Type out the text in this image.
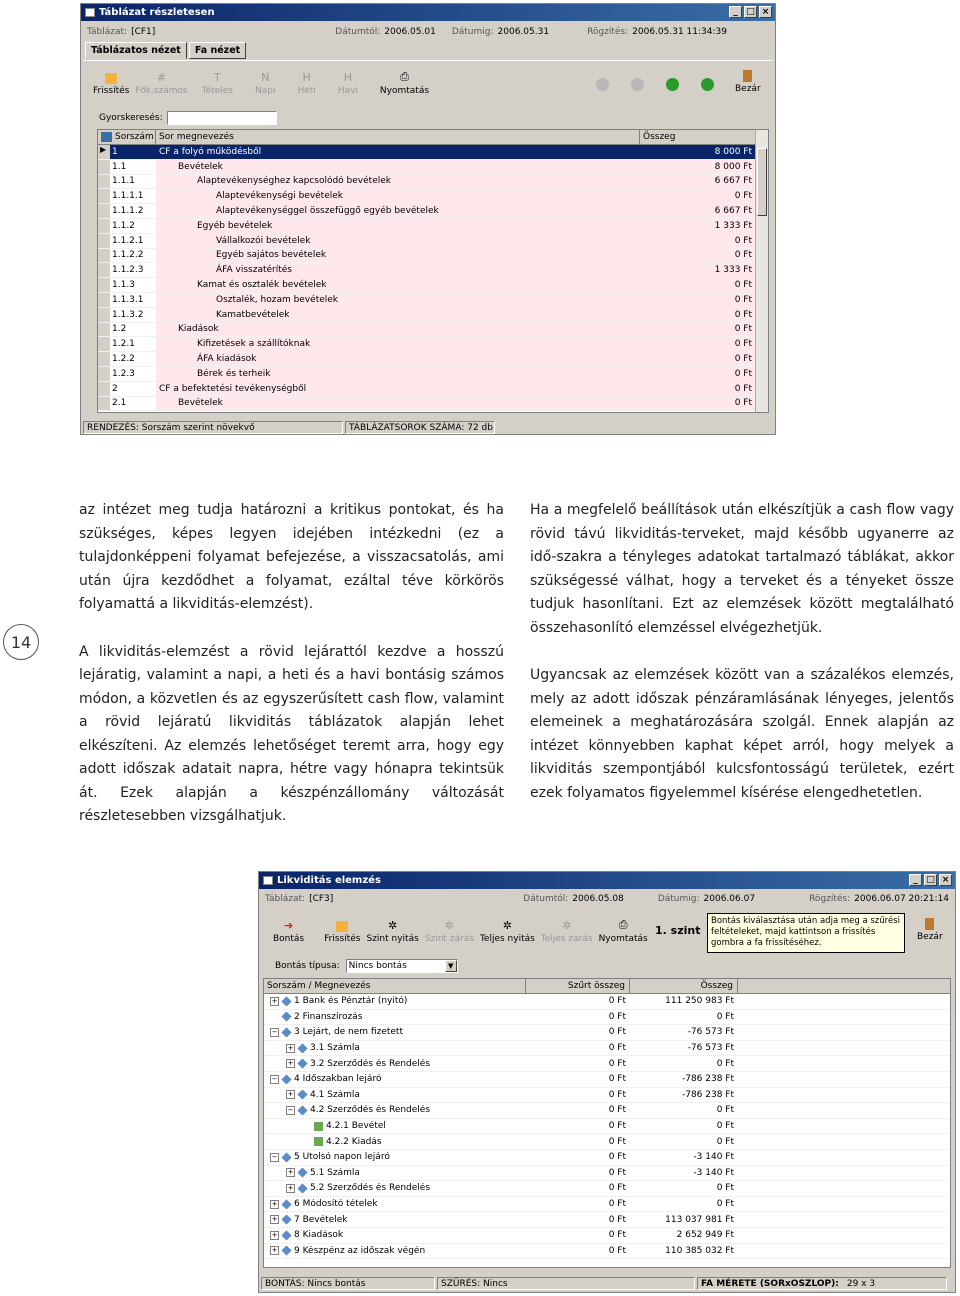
Táblázat részletesen	_ □ ×
Táblázat: [CF1]	Dátumtól: 2006.05.01 Dátumig: 2006.05.31	Rögzítés: 2006.05.31 11:34:39
Táblázatos nézet	Fa nézet
Frissítés
#
Fők.számos
T
Tételes
N
Napi
H
Heti
H
Havi
⎙
Nyomtatás	Bezár
Gyorskeresés:
Sorszám Sor megnevezés	Összeg
▶ 1	CF a folyó működésből	8 000 Ft
1.1	Bevételek	8 000 Ft
1.1.1	Alaptevékenységhez kapcsolódó bevételek	6 667 Ft
1.1.1.1	Alaptevékenységi bevételek	0 Ft
1.1.1.2	Alaptevékenységgel összefüggő egyéb bevételek	6 667 Ft
1.1.2	Egyéb bevételek	1 333 Ft
1.1.2.1	Vállalkozói bevételek	0 Ft
1.1.2.2	Egyéb sajátos bevételek	0 Ft
1.1.2.3	ÁFA visszatérítés	1 333 Ft
1.1.3	Kamat és osztalék bevételek	0 Ft
1.1.3.1	Osztalék, hozam bevételek	0 Ft
1.1.3.2	Kamatbevételek	0 Ft
1.2	Kiadások	0 Ft
1.2.1	Kifizetések a szállítóknak	0 Ft
1.2.2	ÁFA kiadások	0 Ft
1.2.3	Bérek és terheik	0 Ft
2	CF a befektetési tevékenységből	0 Ft
2.1	Bevételek	0 Ft
RENDEZÉS: Sorszám szerint növekvő	TÁBLÁZATSOROK SZÁMA: 72 db
14

az intézet meg tudja határozni a kritikus pontokat, és ha szükséges, képes legyen idejében intézkedni (ez a tulajdonképpeni folyamat befejezése, a visszacsatolás, ami után újra kezdődhet a folyamat, ezáltal téve körkörös folyamattá a likviditás-elemzést).

A likviditás-elemzést a rövid lejárattól kezdve a hosszú lejáratig, valamint a napi, a heti és a havi bontásig számos módon, a közvetlen és az egyszerűsített cash flow, valamint a rövid lejáratú likviditás táblázatok alapján lehet elkészíteni. Az elemzés lehetőséget teremt arra, hogy egy adott időszak adatait napra, hétre vagy hónapra tekintsük át. Ezek alapján a készpénzállomány változását részletesebben vizsgálhatjuk.

Ha a megfelelő beállítások után elkészítjük a cash flow vagy rövid távú likviditás-terveket, majd később ugyanerre az idő-szakra a tényleges adatokat tartalmazó táblákat, akkor szükségessé válhat, hogy a terveket és a tényeket össze tudjuk hasonlítani. Ezt az elemzések között megtalálható összehasonlító elemzéssel elvégezhetjük.

Ugyancsak az elemzések között van a százalékos elemzés, mely az adott időszak pénzáramlásának lényeges, jelentős elemeinek a meghatározására szolgál. Ennek alapján az intézet könnyebben kaphat képet arról, hogy melyek a likviditás szempontjából kulcsfontosságú területek, ezért ezek folyamatos figyelemmel kísérése elengedhetetlen.

Likviditás elemzés	_ □ ×
Táblázat: [CF3]	Dátumtól: 2006.05.08	Dátumig: 2006.06.07	Rögzítés: 2006.06.07 20:21:14
➔
Bontás Frissítés
✲
Szint nyitás
✲
Szint zárás
✲
Teljes nyitás
✲
Teljes zárás
⎙
Nyomtatás
1. szint
Bontás kiválasztása után adja meg a szűrési feltételeket, majd kattintson a frissítés gombra a fa frissítéséhez.
Bezár
Bontás típusa: Nincs bontás	▼
Sorszám / Megnevezés	Szűrt összeg	Összeg
+ 1 Bank és Pénztár (nyitó)	0 Ft	111 250 983 Ft
2 Finanszírozás	0 Ft	0 Ft
− 3 Lejárt, de nem fizetett	0 Ft	-76 573 Ft
+ 3.1 Számla	0 Ft	-76 573 Ft
+ 3.2 Szerződés és Rendelés	0 Ft	0 Ft
− 4 Időszakban lejáró	0 Ft	-786 238 Ft
+ 4.1 Számla	0 Ft	-786 238 Ft
− 4.2 Szerződés és Rendelés	0 Ft	0 Ft
4.2.1 Bevétel	0 Ft	0 Ft
4.2.2 Kiadás	0 Ft	0 Ft
− 5 Utolsó napon lejáró	0 Ft	-3 140 Ft
+ 5.1 Számla	0 Ft	-3 140 Ft
+ 5.2 Szerződés és Rendelés	0 Ft	0 Ft
+ 6 Módosító tételek	0 Ft	0 Ft
+ 7 Bevételek	0 Ft	113 037 981 Ft
+ 8 Kiadások	0 Ft	2 652 949 Ft
+ 9 Készpénz az időszak végén	0 Ft	110 385 032 Ft
BONTÁS: Nincs bontás	SZŰRÉS: Nincs	FA MÉRETE (SORxOSZLOP): 29 x 3
